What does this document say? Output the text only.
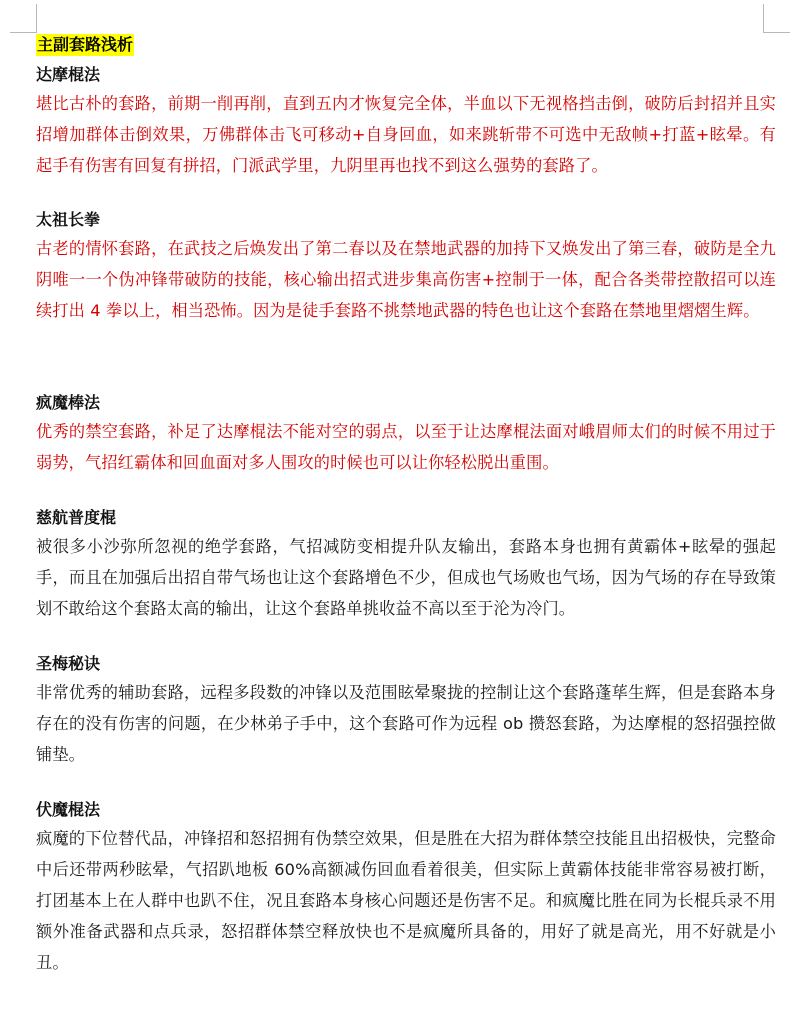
主副套路浅析

达摩棍法

堪比古朴的套路，前期一削再削，直到五内才恢复完全体，半血以下无视格挡击倒，破防后封招并且实招增加群体击倒效果，万佛群体击飞可移动+自身回血，如来跳斩带不可选中无敌帧+打蓝+眩晕。有起手有伤害有回复有拼招，门派武学里，九阴里再也找不到这么强势的套路了。

太祖长拳

古老的情怀套路，在武技之后焕发出了第二春以及在禁地武器的加持下又焕发出了第三春，破防是全九阴唯一一个伪冲锋带破防的技能，核心输出招式进步集高伤害+控制于一体，配合各类带控散招可以连续打出 4 拳以上，相当恐怖。因为是徒手套路不挑禁地武器的特色也让这个套路在禁地里熠熠生辉。

疯魔棒法

优秀的禁空套路，补足了达摩棍法不能对空的弱点，以至于让达摩棍法面对峨眉师太们的时候不用过于弱势，气招红霸体和回血面对多人围攻的时候也可以让你轻松脱出重围。

慈航普度棍

被很多小沙弥所忽视的绝学套路，气招减防变相提升队友输出，套路本身也拥有黄霸体+眩晕的强起手，而且在加强后出招自带气场也让这个套路增色不少，但成也气场败也气场，因为气场的存在导致策划不敢给这个套路太高的输出，让这个套路单挑收益不高以至于沦为冷门。

圣梅秘诀

非常优秀的辅助套路，远程多段数的冲锋以及范围眩晕聚拢的控制让这个套路蓬荜生辉，但是套路本身存在的没有伤害的问题，在少林弟子手中，这个套路可作为远程 ob 攒怒套路，为达摩棍的怒招强控做铺垫。

伏魔棍法

疯魔的下位替代品，冲锋招和怒招拥有伪禁空效果，但是胜在大招为群体禁空技能且出招极快，完整命中后还带两秒眩晕，气招趴地板 60%高额减伤回血看着很美，但实际上黄霸体技能非常容易被打断，打团基本上在人群中也趴不住，况且套路本身核心问题还是伤害不足。和疯魔比胜在同为长棍兵录不用额外准备武器和点兵录，怒招群体禁空释放快也不是疯魔所具备的，用好了就是高光，用不好就是小丑。
